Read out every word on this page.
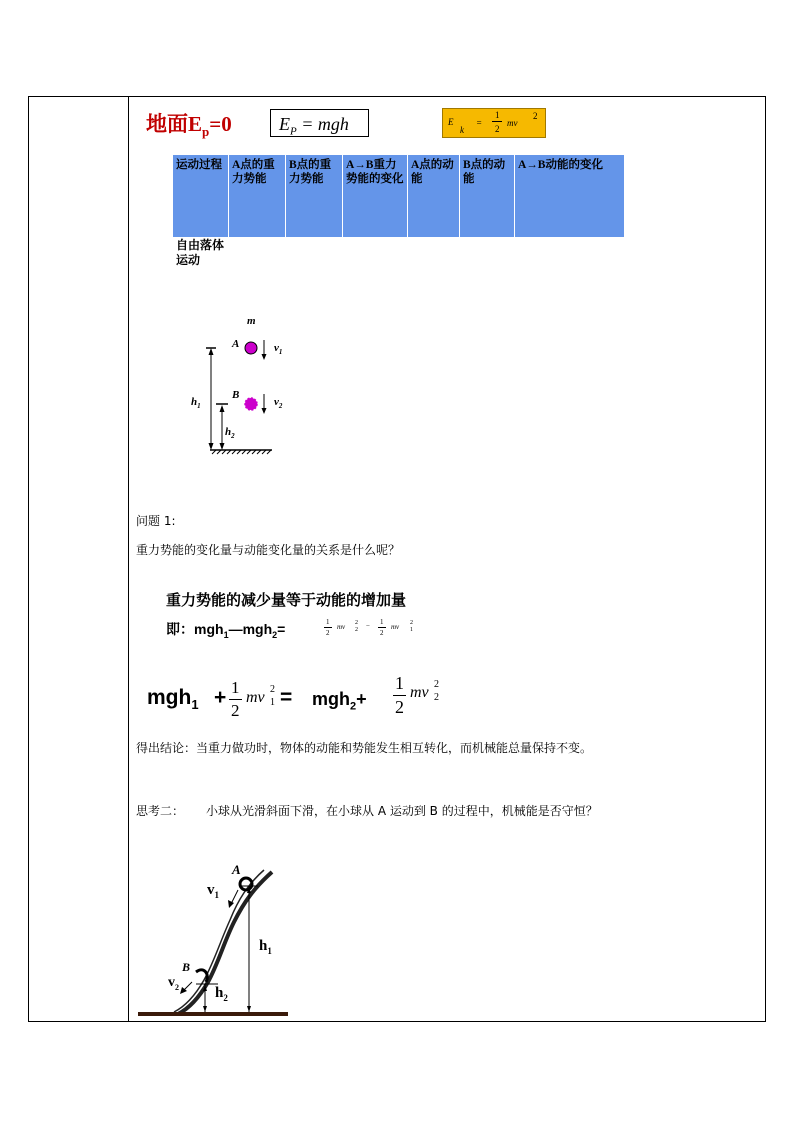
地面$E_p=0$	$E_P$ = mgh	E
k
=
1
2
mv
2
运动过程	A点的重力势能	B点的重力势能	A→B重力势能的变化	A点的动能	B点的动能	A→B动能的变化
自由落体运动
m
A
B
$v_1$
$v_2$
$h_1$
$h_2$
问题 1:
重力势能的变化量与动能变化量的关系是什么呢？
重力势能的减少量等于动能的增加量
即：mgh$_1$—mgh$_2$=	1
2
mv 2
2 − 1
2
mv 2
1
mgh$_1$ + 1
2
mv 2
1 = mgh$_2$+
1
2
mv 2
2
得出结论：当重力做功时，物体的动能和势能发生相互转化，而机械能总量保持不变。
思考二： 小球从光滑斜面下滑，在小球从 A 运动到 B 的过程中，机械能是否守恒？
A
$v_1$
$h_1$
B
$v_2$ $h_2$
